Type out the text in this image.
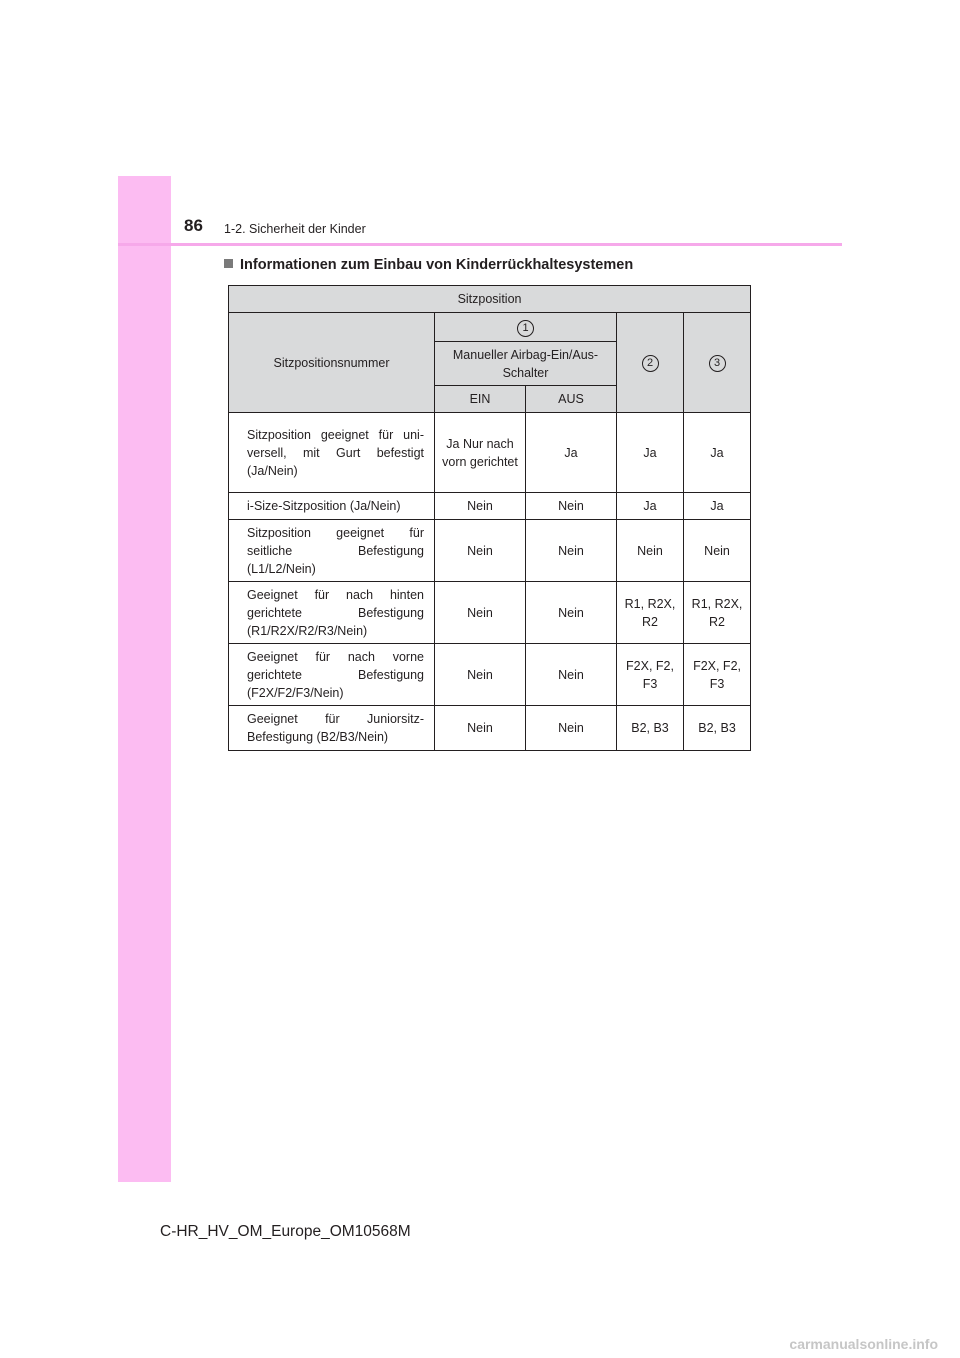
86 1-2. Sicherheit der Kinder
Informationen zum Einbau von Kinderrückhaltesystemen
Sitzposition				
Sitzpositionsnummer	1		2	3
	Manueller Airbag-Ein/Aus-Schalter			
	EIN	AUS		
Sitzposition geeignet für uni-versell, mit Gurt befestigt (Ja/Nein)	Ja Nur nach vorn gerichtet	Ja	Ja	Ja
i-Size-Sitzposition (Ja/Nein)	Nein	Nein	Ja	Ja
Sitzposition geeignet für seitliche Befestigung (L1/L2/Nein)	Nein	Nein	Nein	Nein
Geeignet für nach hinten gerichtete Befestigung (R1/R2X/R2/R3/Nein)	Nein	Nein	R1, R2X, R2	R1, R2X, R2
Geeignet für nach vorne gerichtete Befestigung (F2X/F2/F3/Nein)	Nein	Nein	F2X, F2, F3	F2X, F2, F3
Geeignet für Juniorsitz-Befestigung (B2/B3/Nein)	Nein	Nein	B2, B3	B2, B3
C-HR_HV_OM_Europe_OM10568M
carmanualsonline.info
